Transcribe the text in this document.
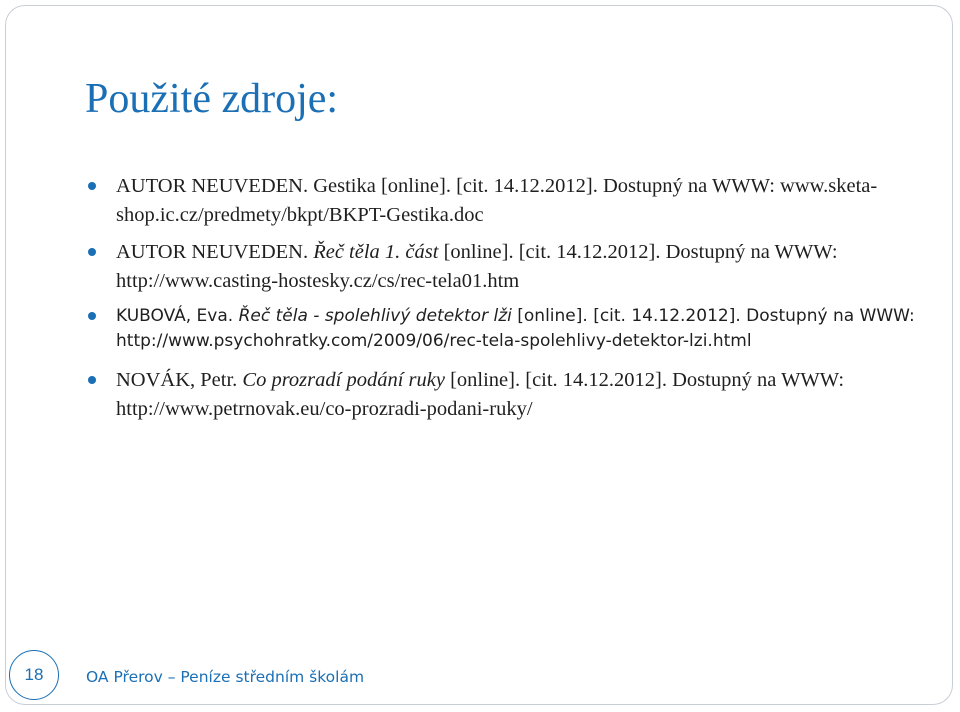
Použité zdroje:
AUTOR NEUVEDEN. Gestika [online]. [cit. 14.12.2012]. Dostupný na WWW: www.sketa-shop.ic.cz/predmety/bkpt/BKPT-Gestika.doc
AUTOR NEUVEDEN. Řeč těla 1. část [online]. [cit. 14.12.2012]. Dostupný na WWW: http://www.casting-hostesky.cz/cs/rec-tela01.htm
KUBOVÁ, Eva. Řeč těla - spolehlivý detektor lži [online]. [cit. 14.12.2012]. Dostupný na WWW: http://www.psychohratky.com/2009/06/rec-tela-spolehlivy-detektor-lzi.html
NOVÁK, Petr. Co prozradí podání ruky [online]. [cit. 14.12.2012]. Dostupný na WWW: http://www.petrnovak.eu/co-prozradi-podani-ruky/
18	OA Přerov – Peníze středním školám
